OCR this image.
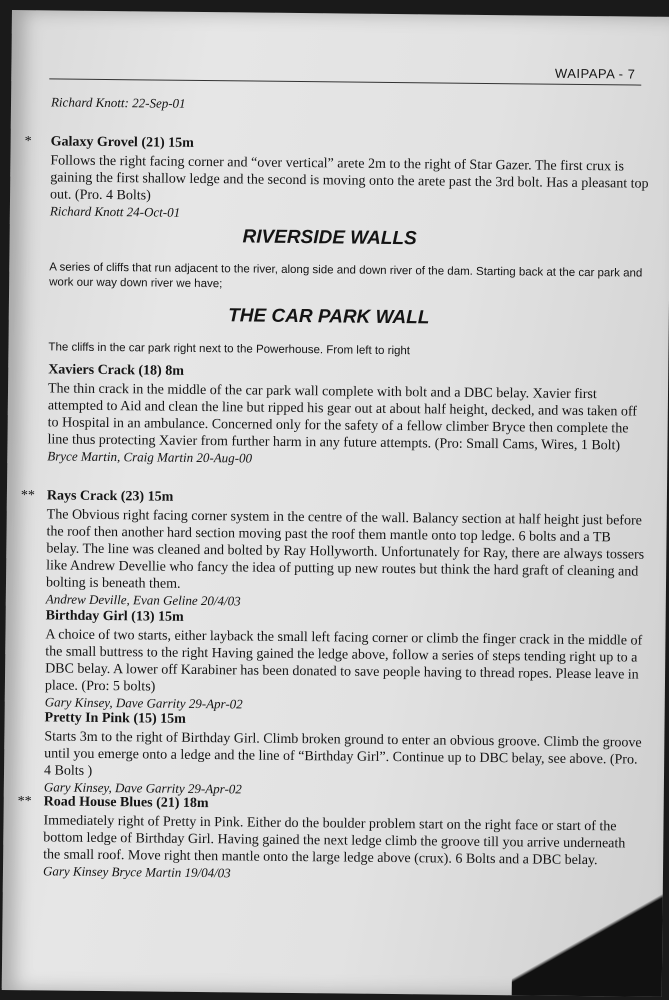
WAIPAPA - 7
Richard Knott: 22-Sep-01
* Galaxy Grovel (21) 15m
Follows the right facing corner and “over vertical” arete 2m to the right of Star Gazer. The first crux is gaining the first shallow ledge and the second is moving onto the arete past the 3rd bolt. Has a pleasant top out. (Pro. 4 Bolts)
Richard Knott 24-Oct-01
RIVERSIDE WALLS
A series of cliffs that run adjacent to the river, along side and down river of the dam. Starting back at the car park and work our way down river we have;
THE CAR PARK WALL
The cliffs in the car park right next to the Powerhouse. From left to right
Xaviers Crack (18) 8m
The thin crack in the middle of the car park wall complete with bolt and a DBC belay. Xavier first attempted to Aid and clean the line but ripped his gear out at about half height, decked, and was taken off to Hospital in an ambulance. Concerned only for the safety of a fellow climber Bryce then complete the line thus protecting Xavier from further harm in any future attempts. (Pro: Small Cams, Wires, 1 Bolt)
Bryce Martin, Craig Martin 20-Aug-00
** Rays Crack (23) 15m
The Obvious right facing corner system in the centre of the wall. Balancy section at half height just before the roof then another hard section moving past the roof them mantle onto top ledge. 6 bolts and a TB belay. The line was cleaned and bolted by Ray Hollyworth. Unfortunately for Ray, there are always tossers like Andrew Devellie who fancy the idea of putting up new routes but think the hard graft of cleaning and bolting is beneath them.
Andrew Deville, Evan Geline 20/4/03
Birthday Girl (13) 15m
A choice of two starts, either layback the small left facing corner or climb the finger crack in the middle of the small buttress to the right Having gained the ledge above, follow a series of steps tending right up to a DBC belay. A lower off Karabiner has been donated to save people having to thread ropes. Please leave in place. (Pro: 5 bolts)
Gary Kinsey, Dave Garrity 29-Apr-02
Pretty In Pink (15) 15m
Starts 3m to the right of Birthday Girl. Climb broken ground to enter an obvious groove. Climb the groove until you emerge onto a ledge and the line of “Birthday Girl”. Continue up to DBC belay, see above. (Pro. 4 Bolts )
Gary Kinsey, Dave Garrity 29-Apr-02
** Road House Blues (21) 18m
Immediately right of Pretty in Pink. Either do the boulder problem start on the right face or start of the bottom ledge of Birthday Girl. Having gained the next ledge climb the groove till you arrive underneath the small roof. Move right then mantle onto the large ledge above (crux). 6 Bolts and a DBC belay.
Gary Kinsey Bryce Martin 19/04/03
